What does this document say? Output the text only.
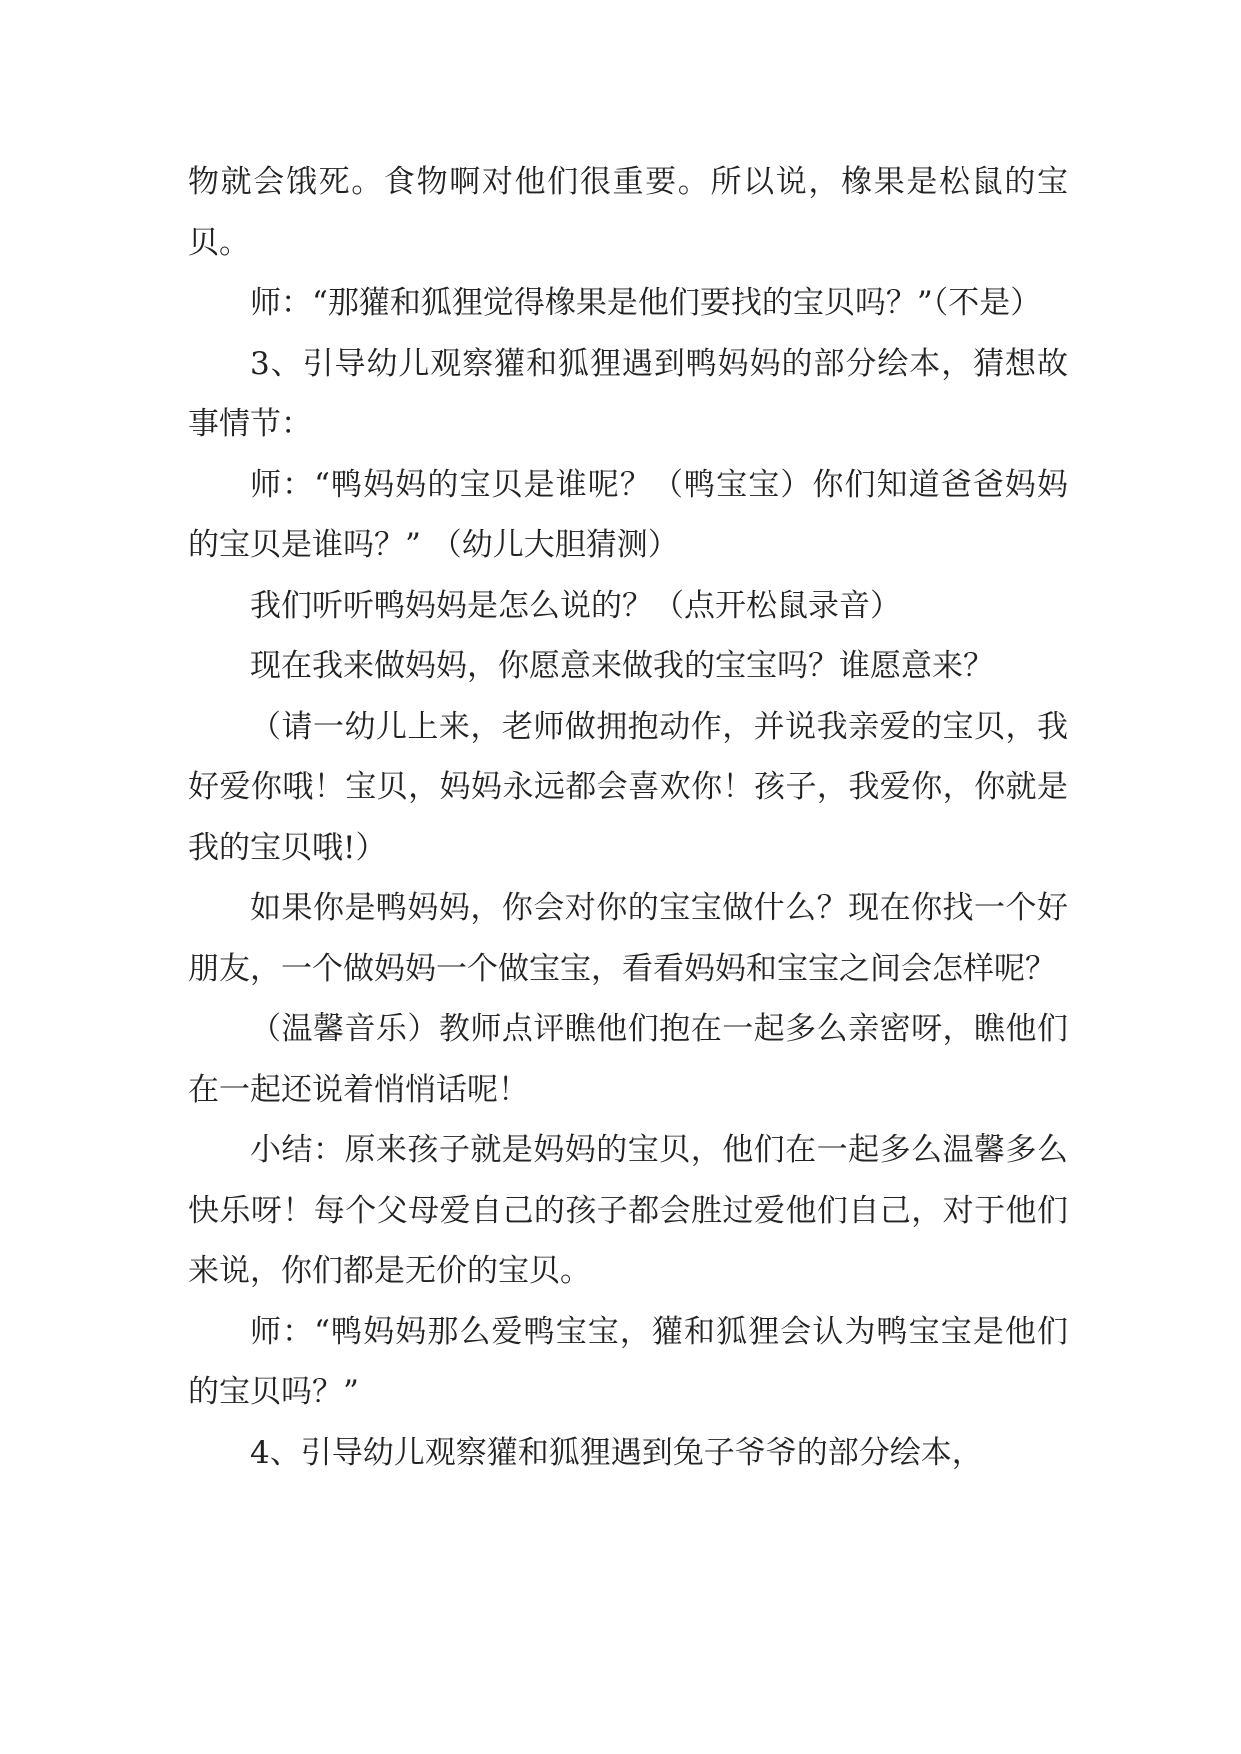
物就会饿死。食物啊对他们很重要。所以说，橡果是松鼠的宝贝。

师：“那獾和狐狸觉得橡果是他们要找的宝贝吗？”（不是）

3、引导幼儿观察獾和狐狸遇到鸭妈妈的部分绘本，猜想故事情节：

师：“鸭妈妈的宝贝是谁呢？（鸭宝宝）你们知道爸爸妈妈的宝贝是谁吗？” （幼儿大胆猜测）

我们听听鸭妈妈是怎么说的？（点开松鼠录音）

现在我来做妈妈，你愿意来做我的宝宝吗？谁愿意来？

（请一幼儿上来，老师做拥抱动作，并说我亲爱的宝贝，我好爱你哦！宝贝，妈妈永远都会喜欢你！孩子，我爱你，你就是我的宝贝哦!）

如果你是鸭妈妈，你会对你的宝宝做什么？现在你找一个好朋友，一个做妈妈一个做宝宝，看看妈妈和宝宝之间会怎样呢？

（温馨音乐）教师点评瞧他们抱在一起多么亲密呀，瞧他们在一起还说着悄悄话呢！

小结：原来孩子就是妈妈的宝贝，他们在一起多么温馨多么快乐呀！每个父母爱自己的孩子都会胜过爱他们自己，对于他们来说，你们都是无价的宝贝。

师：“鸭妈妈那么爱鸭宝宝，獾和狐狸会认为鸭宝宝是他们的宝贝吗？”

4、引导幼儿观察獾和狐狸遇到兔子爷爷的部分绘本，
